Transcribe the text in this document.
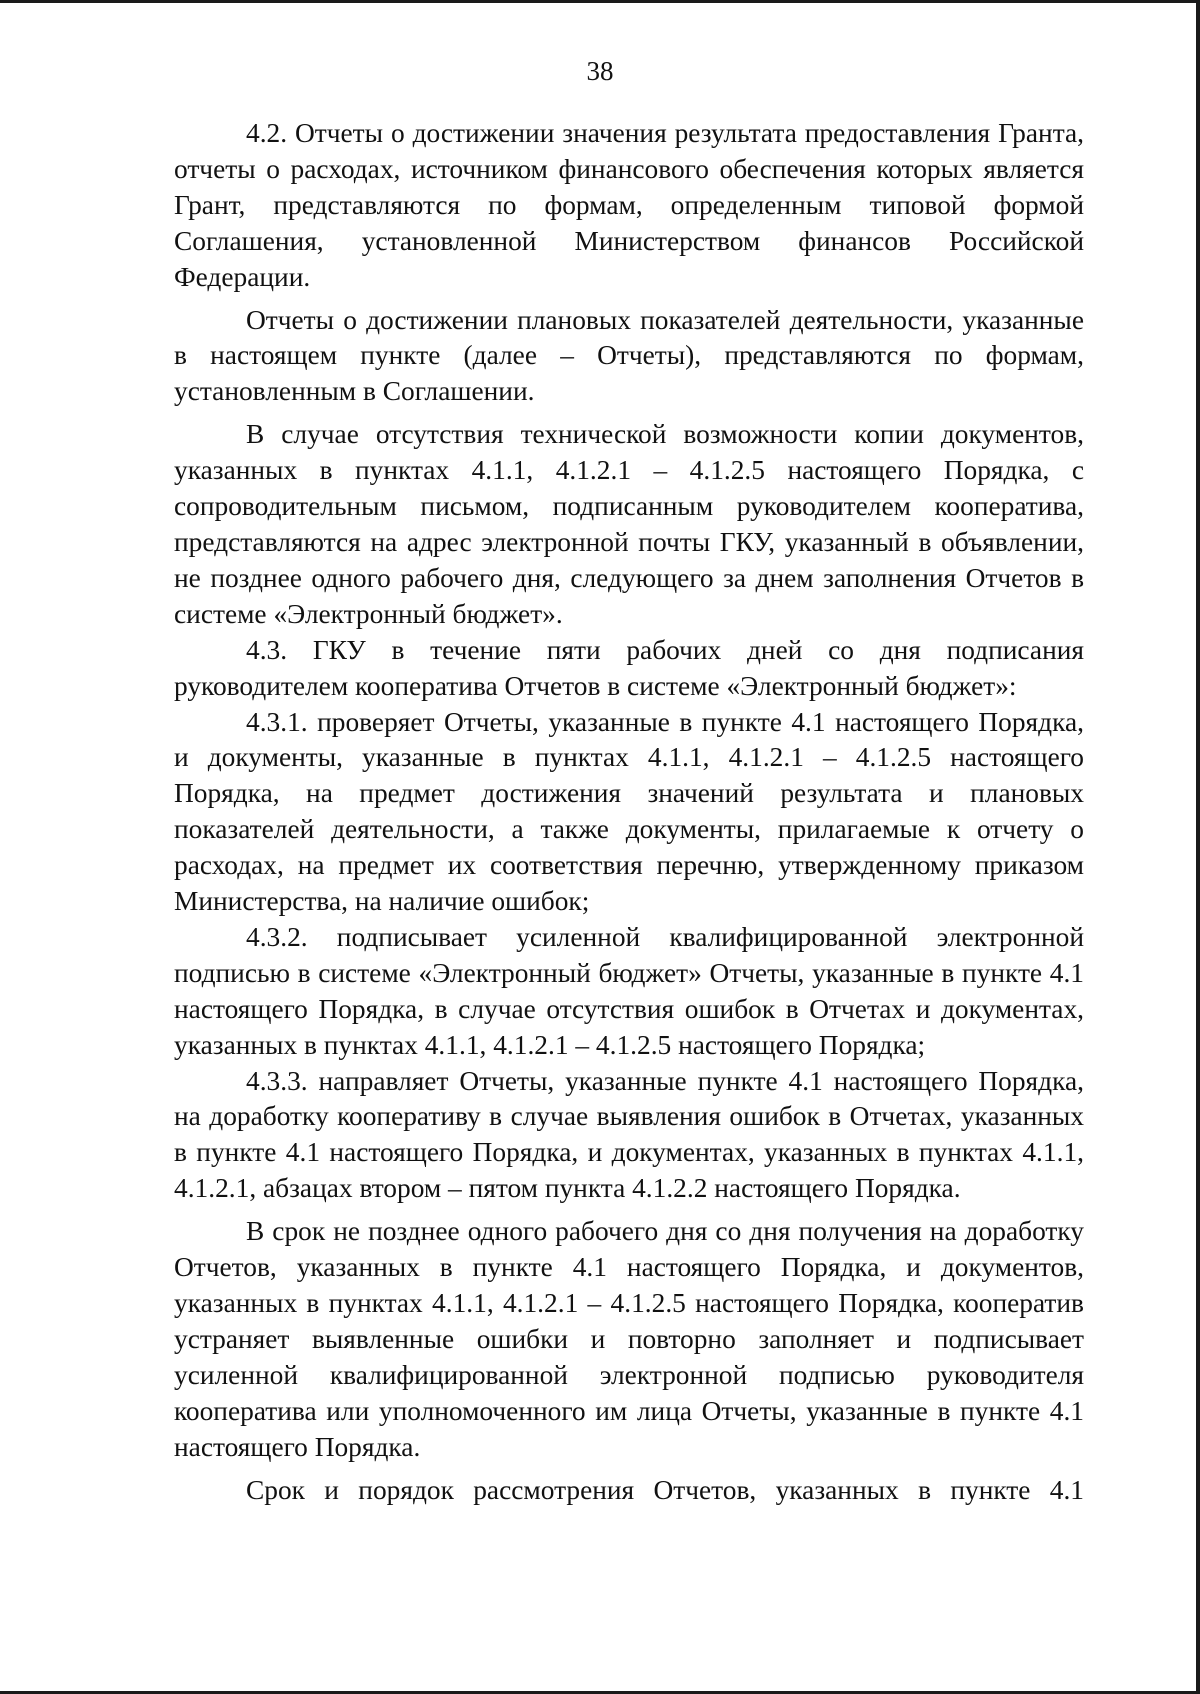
38

4.2. Отчеты о достижении значения результата предоставления Гранта, отчеты о расходах, источником финансового обеспечения которых является Грант, представляются по формам, определенным типовой формой Соглашения, установленной Министерством финансов Российской Федерации.

Отчеты о достижении плановых показателей деятельности, указанные в настоящем пункте (далее – Отчеты), представляются по формам, установленным в Соглашении.

В случае отсутствия технической возможности копии документов, указанных в пунктах 4.1.1, 4.1.2.1 – 4.1.2.5 настоящего Порядка, с сопроводительным письмом, подписанным руководителем кооператива, представляются на адрес электронной почты ГКУ, указанный в объявлении, не позднее одного рабочего дня, следующего за днем заполнения Отчетов в системе «Электронный бюджет».

4.3. ГКУ в течение пяти рабочих дней со дня подписания руководителем кооператива Отчетов в системе «Электронный бюджет»:

4.3.1. проверяет Отчеты, указанные в пункте 4.1 настоящего Порядка, и документы, указанные в пунктах 4.1.1, 4.1.2.1 – 4.1.2.5 настоящего Порядка, на предмет достижения значений результата и плановых показателей деятельности, а также документы, прилагаемые к отчету о расходах, на предмет их соответствия перечню, утвержденному приказом Министерства, на наличие ошибок;

4.3.2. подписывает усиленной квалифицированной электронной подписью в системе «Электронный бюджет» Отчеты, указанные в пункте 4.1 настоящего Порядка, в случае отсутствия ошибок в Отчетах и документах, указанных в пунктах 4.1.1, 4.1.2.1 – 4.1.2.5 настоящего Порядка;

4.3.3. направляет Отчеты, указанные пункте 4.1 настоящего Порядка, на доработку кооперативу в случае выявления ошибок в Отчетах, указанных в пункте 4.1 настоящего Порядка, и документах, указанных в пунктах 4.1.1, 4.1.2.1, абзацах втором – пятом пункта 4.1.2.2 настоящего Порядка.

В срок не позднее одного рабочего дня со дня получения на доработку Отчетов, указанных в пункте 4.1 настоящего Порядка, и документов, указанных в пунктах 4.1.1, 4.1.2.1 – 4.1.2.5 настоящего Порядка, кооператив устраняет выявленные ошибки и повторно заполняет и подписывает усиленной квалифицированной электронной подписью руководителя кооператива или уполномоченного им лица Отчеты, указанные в пункте 4.1 настоящего Порядка.

Срок и порядок рассмотрения Отчетов, указанных в пункте 4.1
